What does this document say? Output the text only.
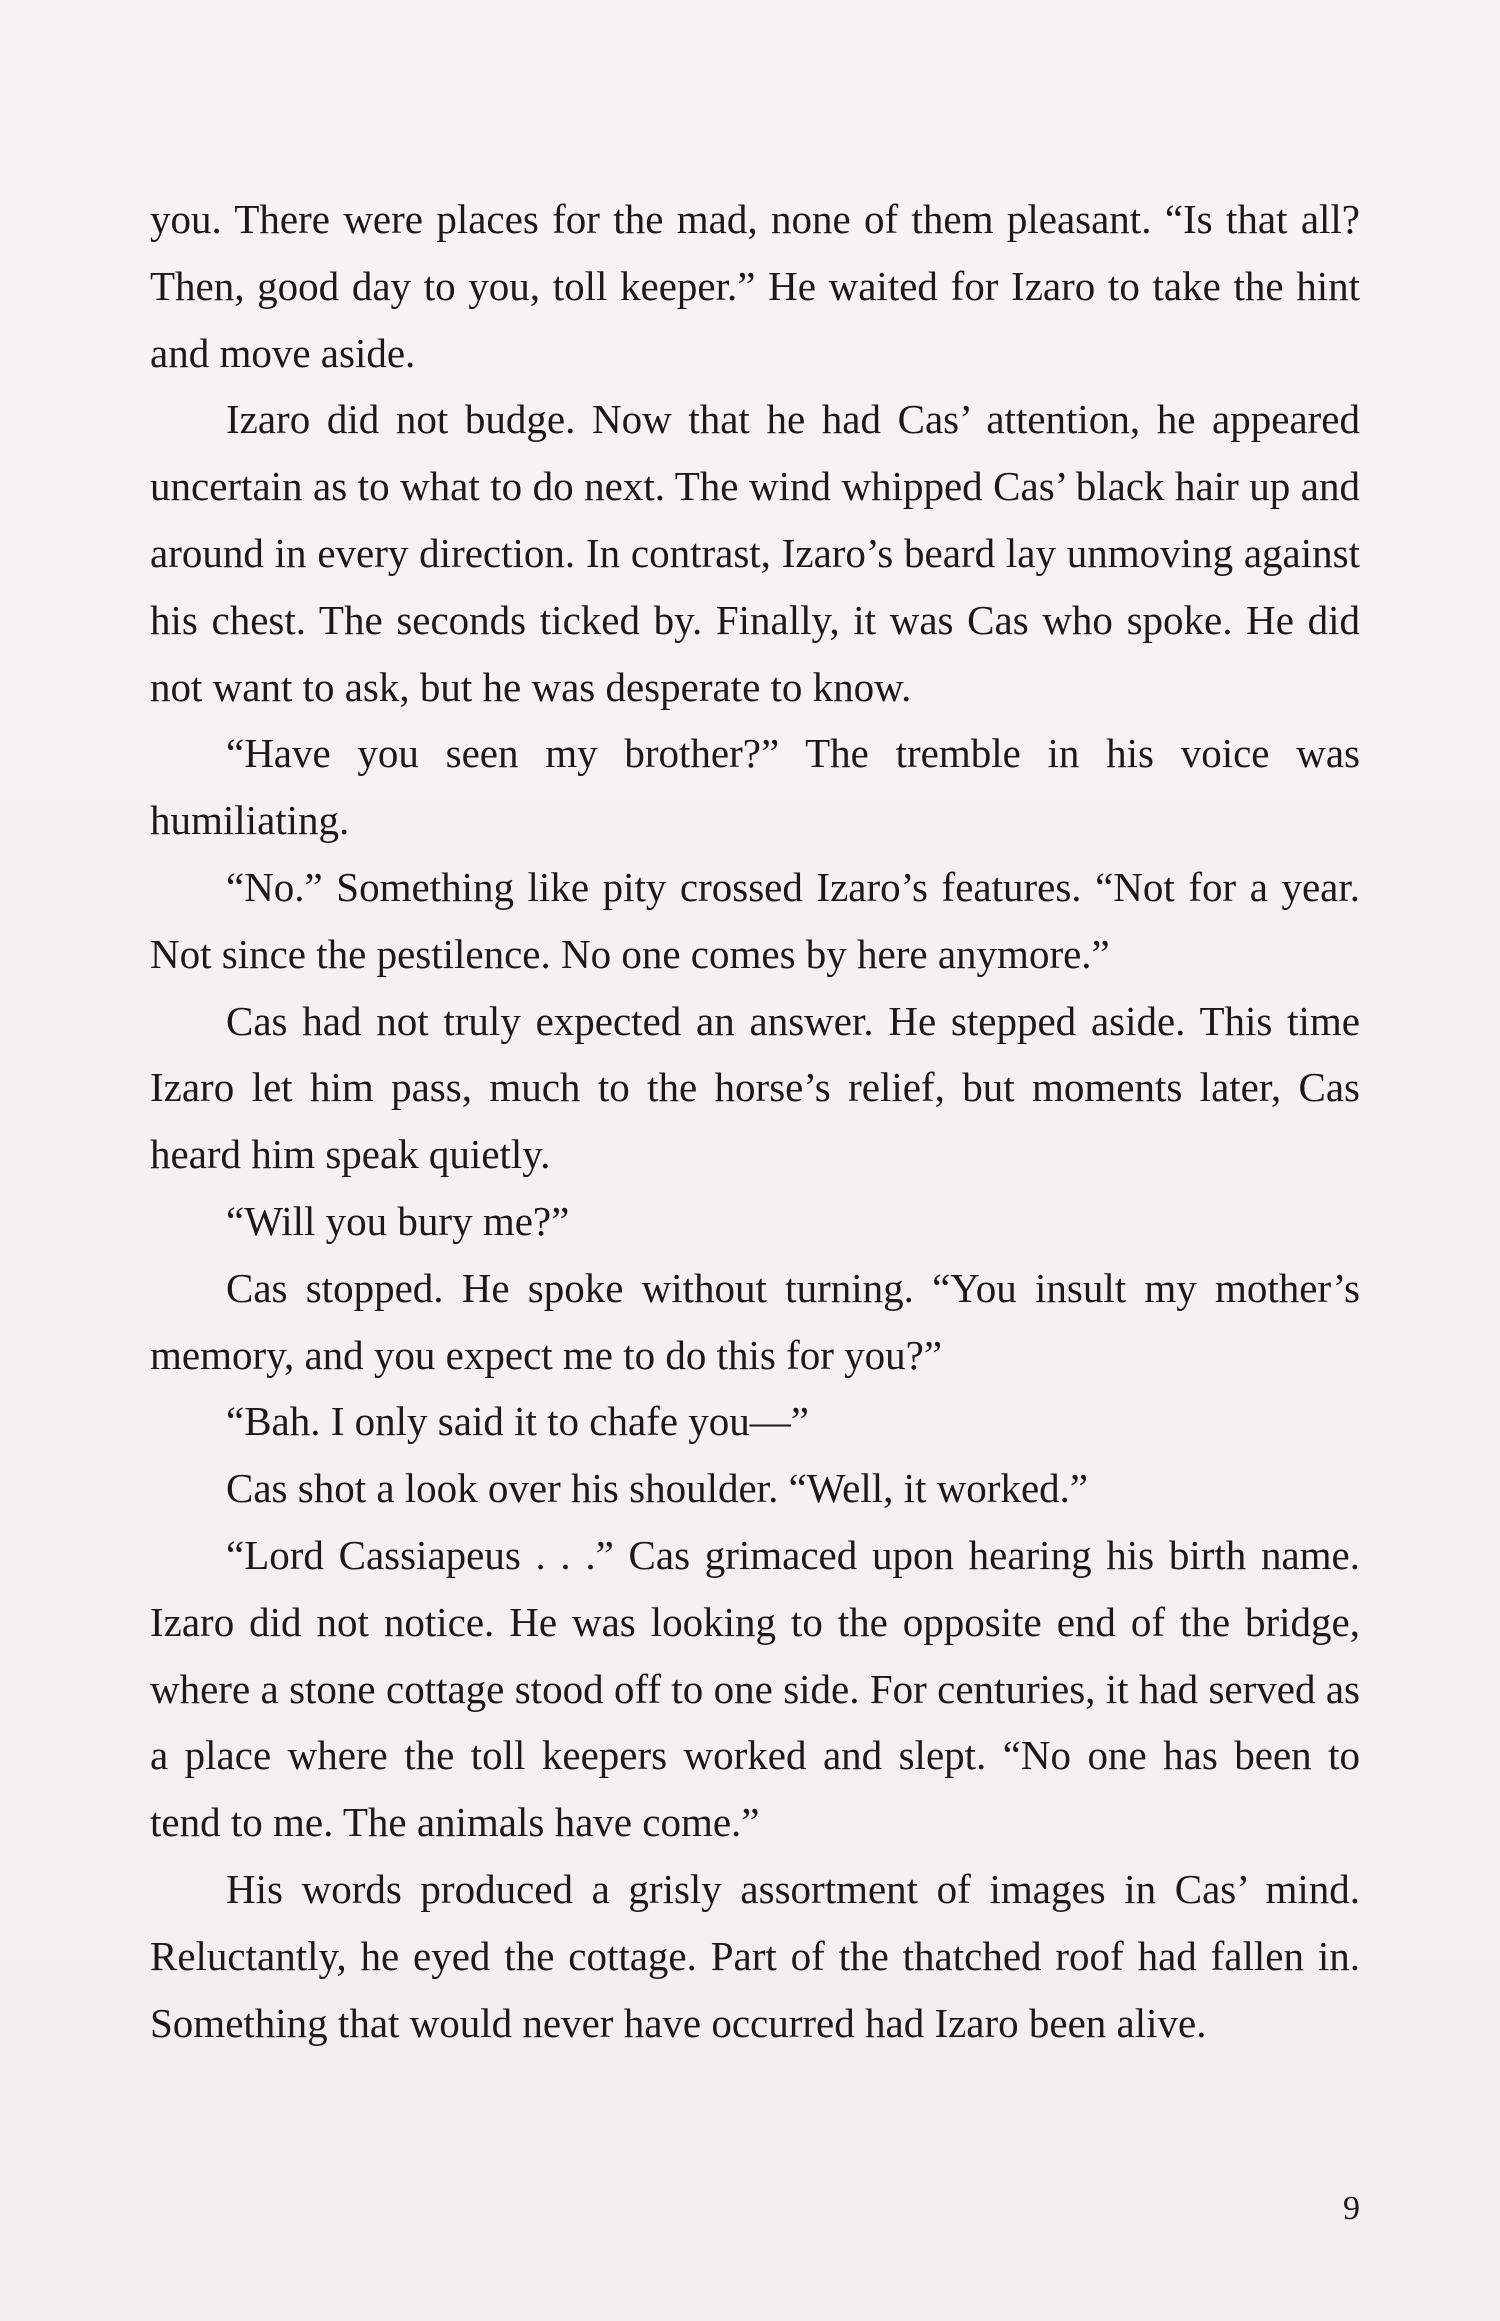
you. There were places for the mad, none of them pleasant. “Is that all? Then, good day to you, toll keeper.” He waited for Izaro to take the hint and move aside.

Izaro did not budge. Now that he had Cas’ attention, he appeared uncertain as to what to do next. The wind whipped Cas’ black hair up and around in every direction. In contrast, Izaro’s beard lay unmoving against his chest. The seconds ticked by. Finally, it was Cas who spoke. He did not want to ask, but he was desperate to know.

“Have you seen my brother?” The tremble in his voice was humiliating.

“No.” Something like pity crossed Izaro’s features. “Not for a year. Not since the pestilence. No one comes by here anymore.”

Cas had not truly expected an answer. He stepped aside. This time Izaro let him pass, much to the horse’s relief, but moments later, Cas heard him speak quietly.

“Will you bury me?”

Cas stopped. He spoke without turning. “You insult my mother’s memory, and you expect me to do this for you?”

“Bah. I only said it to chafe you—”

Cas shot a look over his shoulder. “Well, it worked.”

“Lord Cassiapeus . . .” Cas grimaced upon hearing his birth name. Izaro did not notice. He was looking to the opposite end of the bridge, where a stone cottage stood off to one side. For centuries, it had served as a place where the toll keepers worked and slept. “No one has been to tend to me. The animals have come.”

His words produced a grisly assortment of images in Cas’ mind. Reluctantly, he eyed the cottage. Part of the thatched roof had fallen in. Something that would never have occurred had Izaro been alive.

9
